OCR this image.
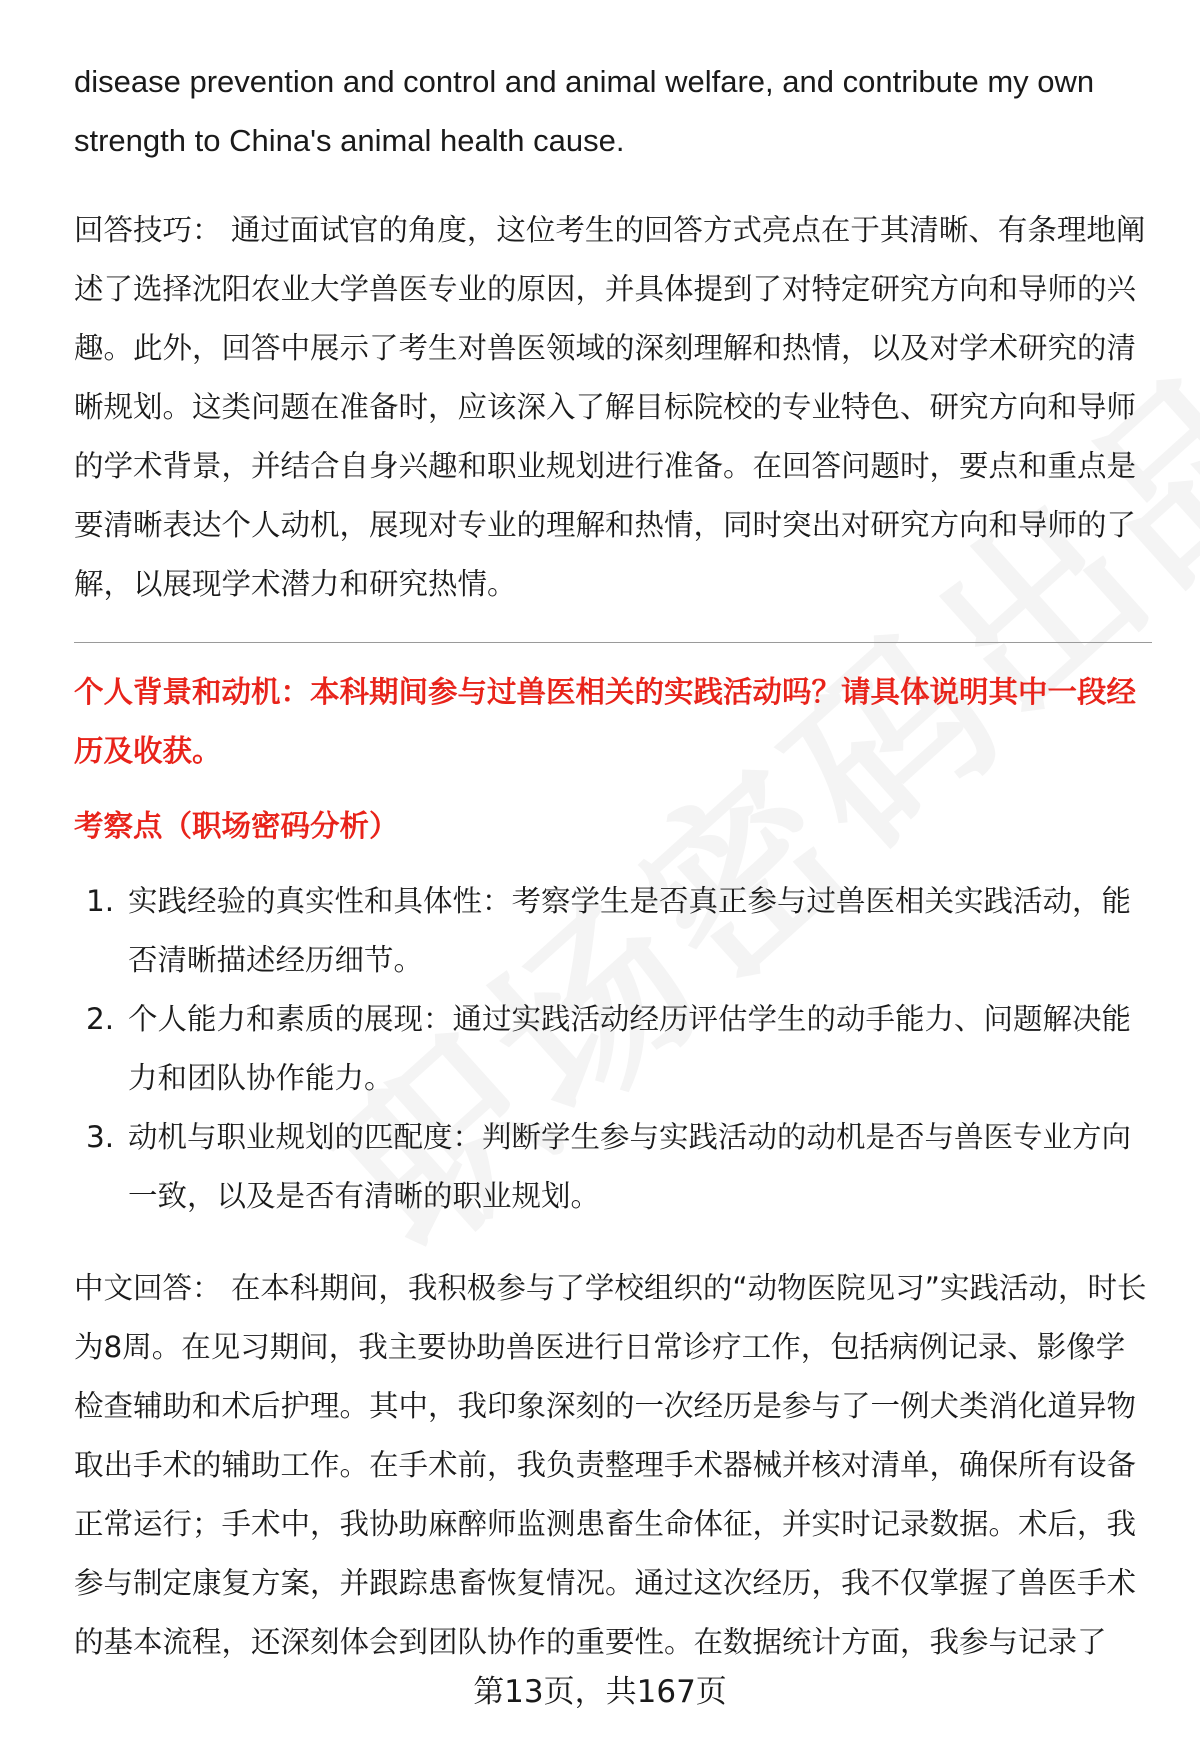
disease prevention and control and animal welfare, and contribute my own strength to China's animal health cause.

回答技巧： 通过面试官的角度，这位考生的回答方式亮点在于其清晰、有条理地阐述了选择沈阳农业大学兽医专业的原因，并具体提到了对特定研究方向和导师的兴趣。此外，回答中展示了考生对兽医领域的深刻理解和热情，以及对学术研究的清晰规划。这类问题在准备时，应该深入了解目标院校的专业特色、研究方向和导师的学术背景，并结合自身兴趣和职业规划进行准备。在回答问题时，要点和重点是要清晰表达个人动机，展现对专业的理解和热情，同时突出对研究方向和导师的了解，以展现学术潜力和研究热情。

个人背景和动机：本科期间参与过兽医相关的实践活动吗？请具体说明其中一段经历及收获。

考察点（职场密码分析）

1. 实践经验的真实性和具体性：考察学生是否真正参与过兽医相关实践活动，能否清晰描述经历细节。
2. 个人能力和素质的展现：通过实践活动经历评估学生的动手能力、问题解决能力和团队协作能力。
3. 动机与职业规划的匹配度：判断学生参与实践活动的动机是否与兽医专业方向一致，以及是否有清晰的职业规划。

中文回答： 在本科期间，我积极参与了学校组织的“动物医院见习”实践活动，时长为8周。在见习期间，我主要协助兽医进行日常诊疗工作，包括病例记录、影像学检查辅助和术后护理。其中，我印象深刻的一次经历是参与了一例犬类消化道异物取出手术的辅助工作。在手术前，我负责整理手术器械并核对清单，确保所有设备正常运行；手术中，我协助麻醉师监测患畜生命体征，并实时记录数据。术后，我参与制定康复方案，并跟踪患畜恢复情况。通过这次经历，我不仅掌握了兽医手术的基本流程，还深刻体会到团队协作的重要性。在数据统计方面，我参与记录了

第13页，共167页
